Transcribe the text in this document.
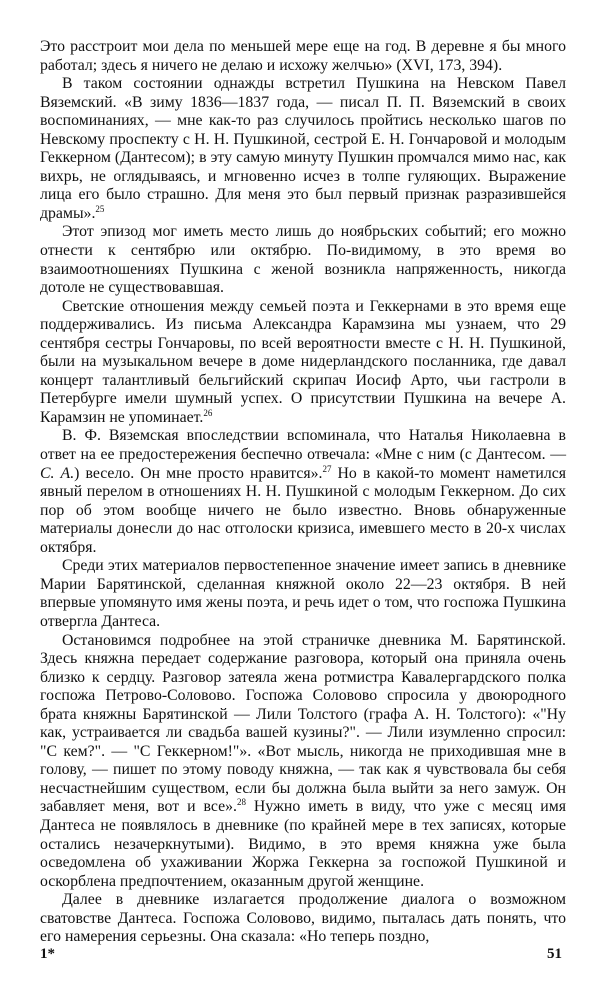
Это расстроит мои дела по меньшей мере еще на год. В деревне я бы много работал; здесь я ничего не делаю и исхожу желчью» (XVI, 173, 394).

В таком состоянии однажды встретил Пушкина на Невском Павел Вяземский. «В зиму 1836—1837 года, — писал П. П. Вяземский в своих воспоминаниях, — мне как-то раз случилось пройтись несколько шагов по Невскому проспекту с Н. Н. Пушкиной, сестрой Е. Н. Гончаровой и молодым Геккерном (Дантесом); в эту самую минуту Пушкин промчался мимо нас, как вихрь, не оглядываясь, и мгновенно исчез в толпе гуляющих. Выражение лица его было страшно. Для меня это был первый признак разразившейся драмы».$^{25}$

Этот эпизод мог иметь место лишь до ноябрьских событий; его можно отнести к сентябрю или октябрю. По-видимому, в это время во взаимоотношениях Пушкина с женой возникла напряженность, никогда дотоле не существовавшая.

Светские отношения между семьей поэта и Геккернами в это время еще поддерживались. Из письма Александра Карамзина мы узнаем, что 29 сентября сестры Гончаровы, по всей вероятности вместе с Н. Н. Пушкиной, были на музыкальном вечере в доме нидерландского посланника, где давал концерт талантливый бельгийский скрипач Иосиф Арто, чьи гастроли в Петербурге имели шумный успех. О присутствии Пушкина на вечере А. Карамзин не упоминает.$^{26}$

В. Ф. Вяземская впоследствии вспоминала, что Наталья Николаевна в ответ на ее предостережения беспечно отвечала: «Мне с ним (с Дантесом. — С. А.) весело. Он мне просто нравится».$^{27}$ Но в какой-то момент наметился явный перелом в отношениях Н. Н. Пушкиной с молодым Геккерном. До сих пор об этом вообще ничего не было известно. Вновь обнаруженные материалы донесли до нас отголоски кризиса, имевшего место в 20-х числах октября.

Среди этих материалов первостепенное значение имеет запись в дневнике Марии Барятинской, сделанная княжной около 22—23 октября. В ней впервые упомянуто имя жены поэта, и речь идет о том, что госпожа Пушкина отвергла Дантеса.

Остановимся подробнее на этой страничке дневника М. Барятинской. Здесь княжна передает содержание разговора, который она приняла очень близко к сердцу. Разговор затеяла жена ротмистра Кавалергардского полка госпожа Петрово-Соловово. Госпожа Соловово спросила у двоюродного брата княжны Барятинской — Лили Толстого (графа А. Н. Толстого): «"Ну как, устраивается ли свадьба вашей кузины?". — Лили изумленно спросил: "С кем?". — "С Геккерном!"». «Вот мысль, никогда не приходившая мне в голову, — пишет по этому поводу княжна, — так как я чувствовала бы себя несчастнейшим существом, если бы должна была выйти за него замуж. Он забавляет меня, вот и все».$^{28}$ Нужно иметь в виду, что уже с месяц имя Дантеса не появлялось в дневнике (по крайней мере в тех записях, которые остались незачеркнутыми). Видимо, в это время княжна уже была осведомлена об ухаживании Жоржа Геккерна за госпожой Пушкиной и оскорблена предпочтением, оказанным другой женщине.

Далее в дневнике излагается продолжение диалога о возможном сватовстве Дантеса. Госпожа Соловово, видимо, пыталась дать понять, что его намерения серьезны. Она сказала: «Но теперь поздно,

1*	51
